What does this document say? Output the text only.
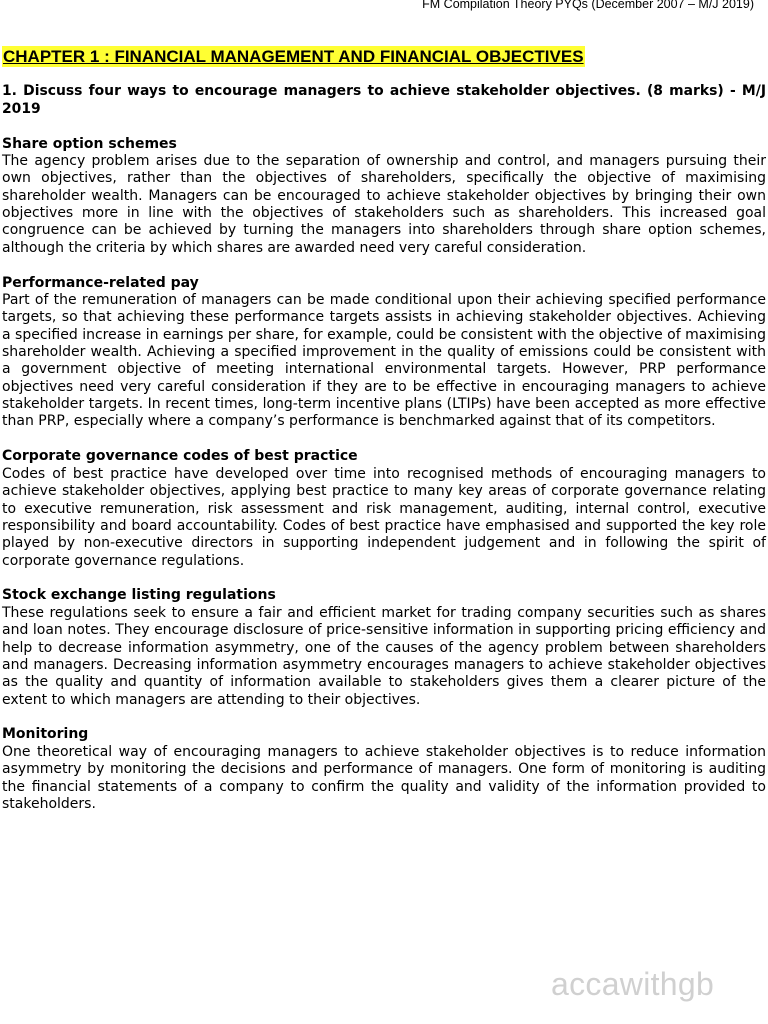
FM Compilation Theory PYQs (December 2007 – M/J 2019)
CHAPTER 1 : FINANCIAL MANAGEMENT AND FINANCIAL OBJECTIVES

1. Discuss four ways to encourage managers to achieve stakeholder objectives. (8 marks) - M/J 2019

Share option schemes

The agency problem arises due to the separation of ownership and control, and managers pursuing their own objectives, rather than the objectives of shareholders, specifically the objective of maximising shareholder wealth. Managers can be encouraged to achieve stakeholder objectives by bringing their own objectives more in line with the objectives of stakeholders such as shareholders. This increased goal congruence can be achieved by turning the managers into shareholders through share option schemes, although the criteria by which shares are awarded need very careful consideration.

Performance-related pay

Part of the remuneration of managers can be made conditional upon their achieving specified performance targets, so that achieving these performance targets assists in achieving stakeholder objectives. Achieving a specified increase in earnings per share, for example, could be consistent with the objective of maximising shareholder wealth. Achieving a specified improvement in the quality of emissions could be consistent with a government objective of meeting international environmental targets. However, PRP performance objectives need very careful consideration if they are to be effective in encouraging managers to achieve stakeholder targets. In recent times, long-term incentive plans (LTIPs) have been accepted as more effective than PRP, especially where a company’s performance is benchmarked against that of its competitors.

Corporate governance codes of best practice

Codes of best practice have developed over time into recognised methods of encouraging managers to achieve stakeholder objectives, applying best practice to many key areas of corporate governance relating to executive remuneration, risk assessment and risk management, auditing, internal control, executive responsibility and board accountability. Codes of best practice have emphasised and supported the key role played by non-executive directors in supporting independent judgement and in following the spirit of corporate governance regulations.

Stock exchange listing regulations

These regulations seek to ensure a fair and efficient market for trading company securities such as shares and loan notes. They encourage disclosure of price-sensitive information in supporting pricing efficiency and help to decrease information asymmetry, one of the causes of the agency problem between shareholders and managers. Decreasing information asymmetry encourages managers to achieve stakeholder objectives as the quality and quantity of information available to stakeholders gives them a clearer picture of the extent to which managers are attending to their objectives.

Monitoring

One theoretical way of encouraging managers to achieve stakeholder objectives is to reduce information asymmetry by monitoring the decisions and performance of managers. One form of monitoring is auditing the financial statements of a company to confirm the quality and validity of the information provided to stakeholders.

accawithgb
